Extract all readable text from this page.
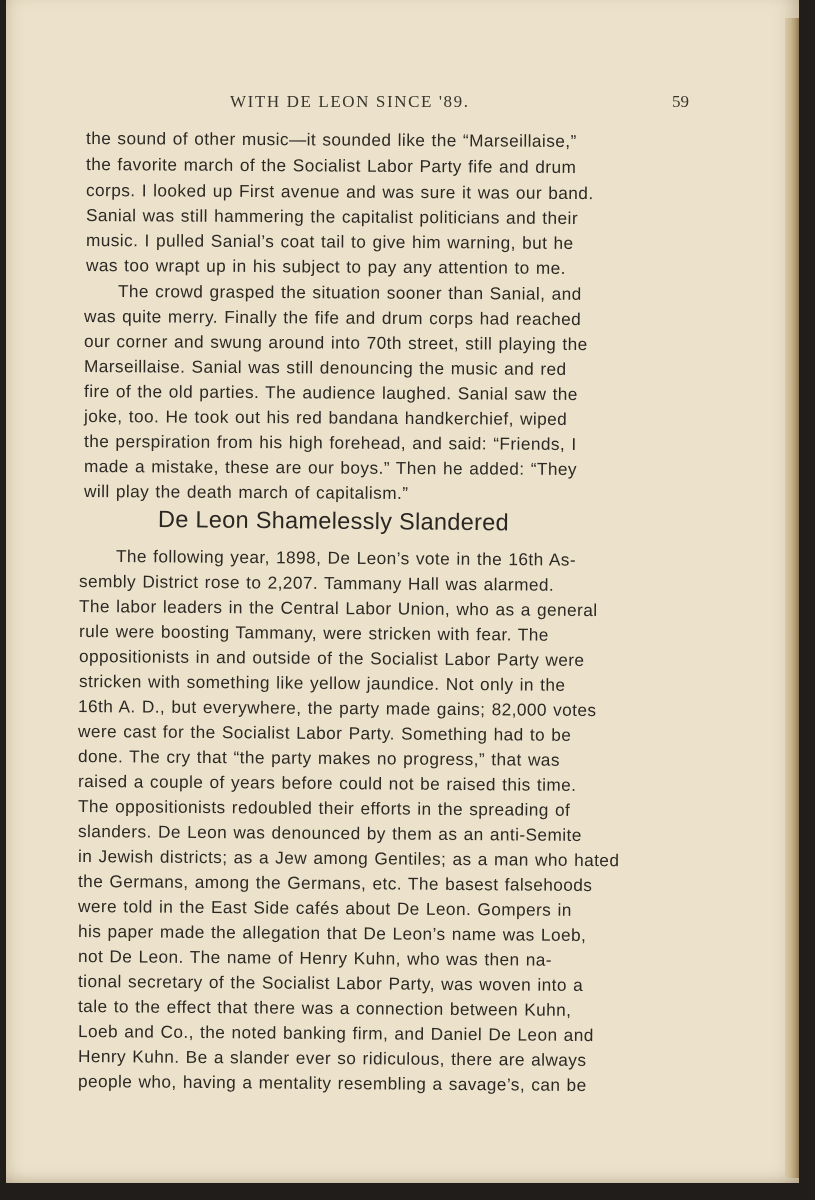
WITH DE LEON SINCE '89.	59
the sound of other music—it sounded like the “Marseillaise,”
the favorite march of the Socialist Labor Party fife and drum
corps. I looked up First avenue and was sure it was our band.
Sanial was still hammering the capitalist politicians and their
music. I pulled Sanial’s coat tail to give him warning, but he
was too wrapt up in his subject to pay any attention to me.
The crowd grasped the situation sooner than Sanial, and
was quite merry. Finally the fife and drum corps had reached
our corner and swung around into 70th street, still playing the
Marseillaise. Sanial was still denouncing the music and red
fire of the old parties. The audience laughed. Sanial saw the
joke, too. He took out his red bandana handkerchief, wiped
the perspiration from his high forehead, and said: “Friends, I
made a mistake, these are our boys.” Then he added: “They
will play the death march of capitalism.”
De Leon Shamelessly Slandered
The following year, 1898, De Leon’s vote in the 16th As-
sembly District rose to 2,207. Tammany Hall was alarmed.
The labor leaders in the Central Labor Union, who as a general
rule were boosting Tammany, were stricken with fear. The
oppositionists in and outside of the Socialist Labor Party were
stricken with something like yellow jaundice. Not only in the
16th A. D., but everywhere, the party made gains; 82,000 votes
were cast for the Socialist Labor Party. Something had to be
done. The cry that “the party makes no progress,” that was
raised a couple of years before could not be raised this time.
The oppositionists redoubled their efforts in the spreading of
slanders. De Leon was denounced by them as an anti-Semite
in Jewish districts; as a Jew among Gentiles; as a man who hated
the Germans, among the Germans, etc. The basest falsehoods
were told in the East Side cafés about De Leon. Gompers in
his paper made the allegation that De Leon’s name was Loeb,
not De Leon. The name of Henry Kuhn, who was then na-
tional secretary of the Socialist Labor Party, was woven into a
tale to the effect that there was a connection between Kuhn,
Loeb and Co., the noted banking firm, and Daniel De Leon and
Henry Kuhn. Be a slander ever so ridiculous, there are always
people who, having a mentality resembling a savage’s, can be
